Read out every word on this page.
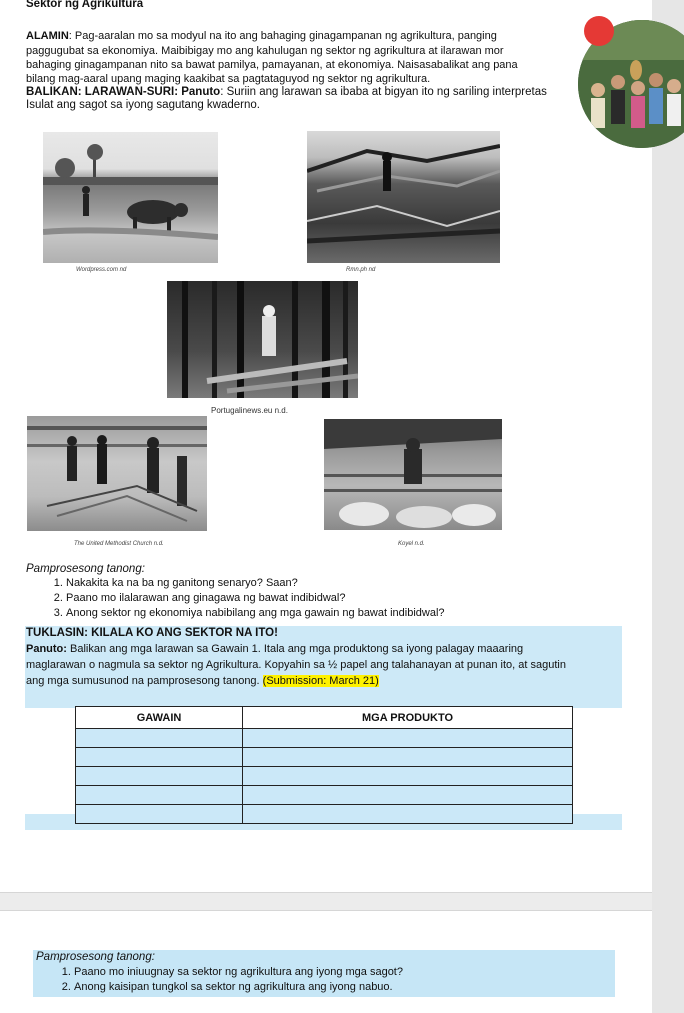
Sektor ng Agrikultura
ALAMIN: Pag-aaralan mo sa modyul na ito ang bahaging ginagampanan ng agrikultura, panging
paggugubat sa ekonomiya. Maibibigay mo ang kahulugan ng sektor ng agrikultura at ilarawan mor
bahaging ginagampanan nito sa bawat pamilya, pamayanan, at ekonomiya. Naisasabalikat ang pana
bilang mag-aaral upang maging kaakibat sa pagtataguyod ng sektor ng agrikultura.
BALIKAN: LARAWAN-SURI: Panuto: Suriin ang larawan sa ibaba at bigyan ito ng sariling interpretas
Isulat ang sagot sa iyong sagutang kwaderno.
Wordpress.com nd	Rmn.ph nd
Portugalinews.eu n.d.
The United Methodist Church n.d.	Koyel n.d.
Pamprosesong tanong:
1. Nakakita ka na ba ng ganitong senaryo? Saan?
2. Paano mo ilalarawan ang ginagawa ng bawat indibidwal?
3. Anong sektor ng ekonomiya nabibilang ang mga gawain ng bawat indibidwal?
TUKLASIN: KILALA KO ANG SEKTOR NA ITO!
Panuto: Balikan ang mga larawan sa Gawain 1. Itala ang mga produktong sa iyong palagay maaaring
maglarawan o nagmula sa sektor ng Agrikultura. Kopyahin sa ½ papel ang talahanayan at punan ito, at sagutin
ang mga sumusunod na pamprosesong tanong. (Submission: March 21)
GAWAIN	MGA PRODUKTO

Pamprosesong tanong:
1. Paano mo iniuugnay sa sektor ng agrikultura ang iyong mga sagot?
2. Anong kaisipan tungkol sa sektor ng agrikultura ang iyong nabuo.
